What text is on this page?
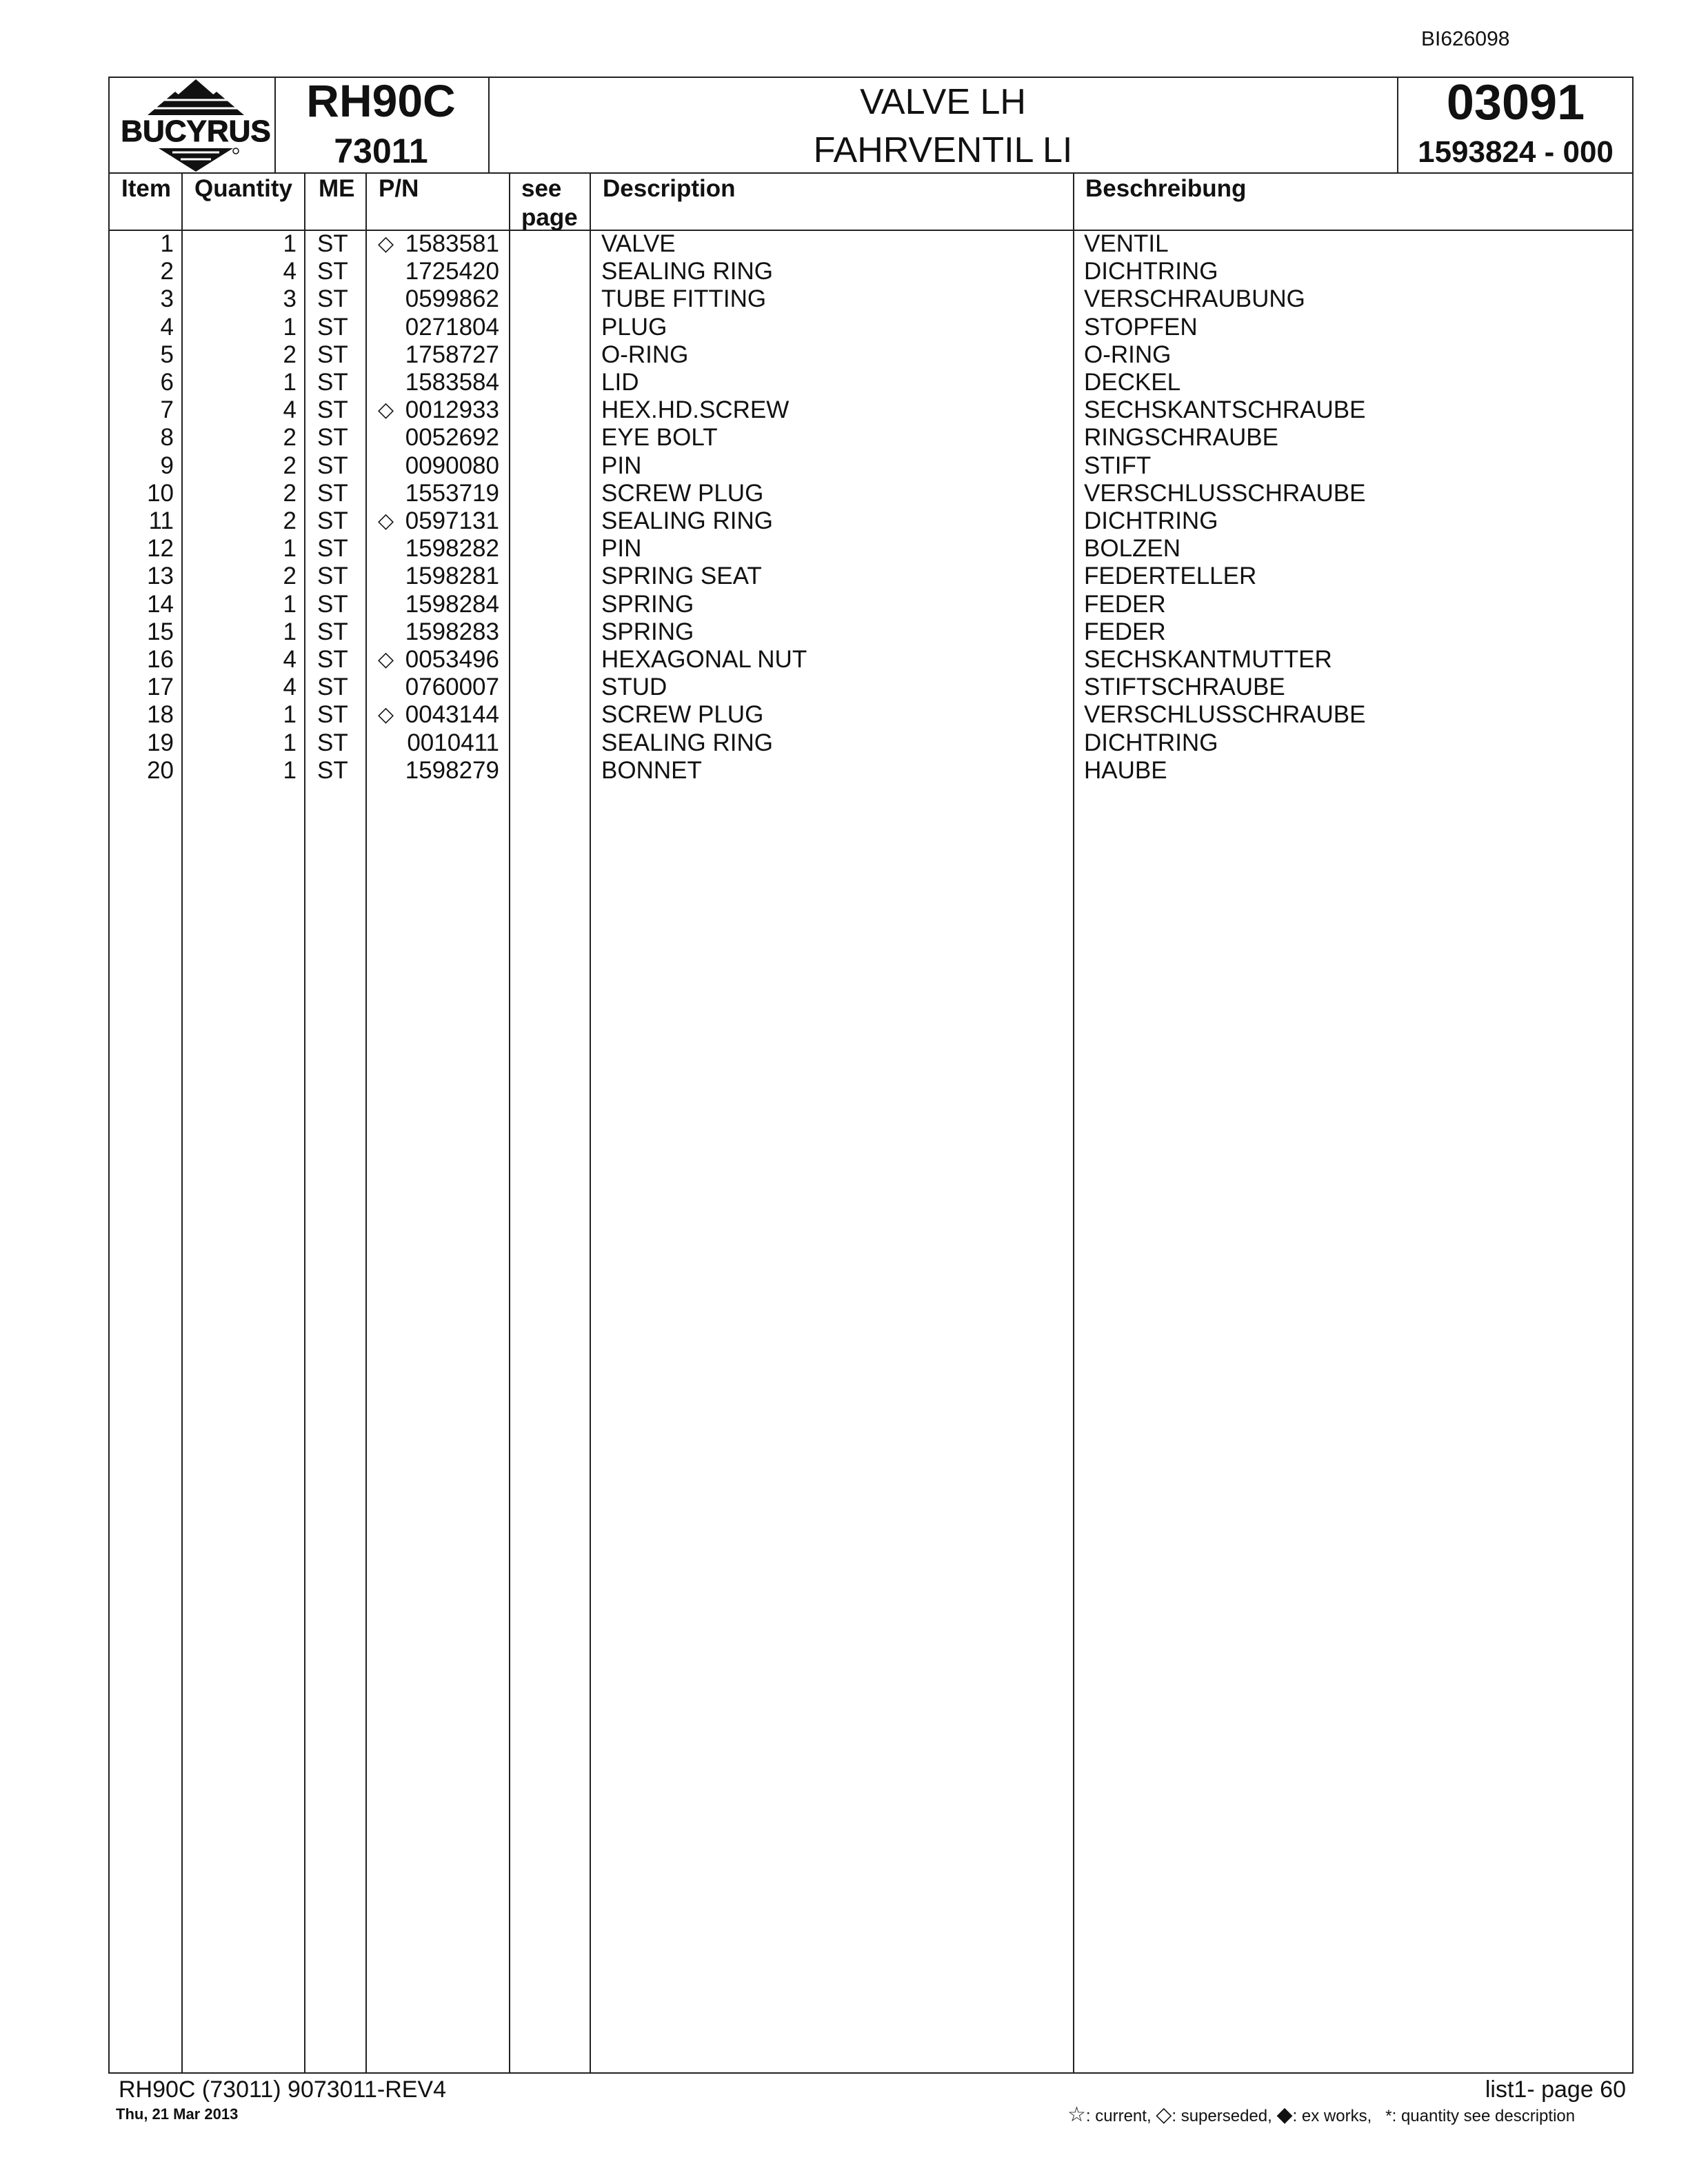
BI626098
BUCYRUS
RH90C
73011
VALVE LH
FAHRVENTIL LI
03091
1593824 - 000
Item Quantity ME P/N	see
page
Description	Beschreibung
1	1 ST	◇ 1583581	VALVE	VENTIL
2	4 ST	1725420	SEALING RING	DICHTRING
3	3 ST	0599862	TUBE FITTING	VERSCHRAUBUNG
4	1 ST	0271804	PLUG	STOPFEN
5	2 ST	1758727	O-RING	O-RING
6	1 ST	1583584	LID	DECKEL
7	4 ST	◇ 0012933	HEX.HD.SCREW	SECHSKANTSCHRAUBE
8	2 ST	0052692	EYE BOLT	RINGSCHRAUBE
9	2 ST	0090080	PIN	STIFT
10	2 ST	1553719	SCREW PLUG	VERSCHLUSSCHRAUBE
11	2 ST	◇ 0597131	SEALING RING	DICHTRING
12	1 ST	1598282	PIN	BOLZEN
13	2 ST	1598281	SPRING SEAT	FEDERTELLER
14	1 ST	1598284	SPRING	FEDER
15	1 ST	1598283	SPRING	FEDER
16	4 ST	◇ 0053496	HEXAGONAL NUT	SECHSKANTMUTTER
17	4 ST	0760007	STUD	STIFTSCHRAUBE
18	1 ST	◇ 0043144	SCREW PLUG	VERSCHLUSSCHRAUBE
19	1 ST	0010411	SEALING RING	DICHTRING
20	1 ST	1598279	BONNET	HAUBE
RH90C (73011) 9073011-REV4
Thu, 21 Mar 2013
list1- page 60
☆: current, ◇: superseded, ◆: ex works, *: quantity see description
